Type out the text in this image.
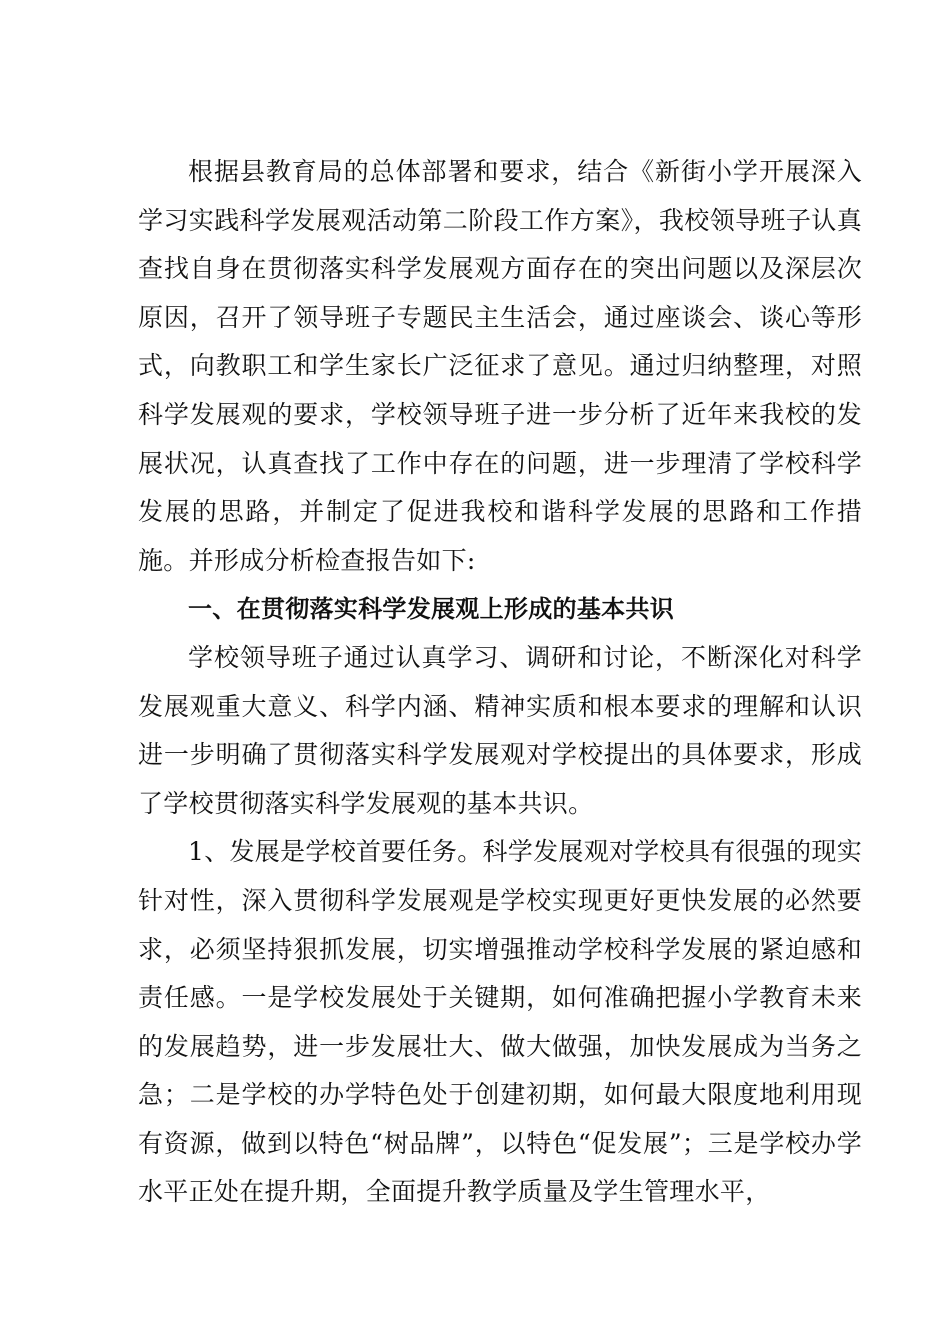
根据县教育局的总体部署和要求，结合《新街小学开展深入学习实践科学发展观活动第二阶段工作方案》，我校领导班子认真查找自身在贯彻落实科学发展观方面存在的突出问题以及深层次原因，召开了领导班子专题民主生活会，通过座谈会、谈心等形式，向教职工和学生家长广泛征求了意见。通过归纳整理，对照科学发展观的要求，学校领导班子进一步分析了近年来我校的发展状况，认真查找了工作中存在的问题，进一步理清了学校科学发展的思路，并制定了促进我校和谐科学发展的思路和工作措施。并形成分析检查报告如下:

一、在贯彻落实科学发展观上形成的基本共识

学校领导班子通过认真学习、调研和讨论，不断深化对科学发展观重大意义、科学内涵、精神实质和根本要求的理解和认识进一步明确了贯彻落实科学发展观对学校提出的具体要求，形成了学校贯彻落实科学发展观的基本共识。

1、发展是学校首要任务。科学发展观对学校具有很强的现实针对性，深入贯彻科学发展观是学校实现更好更快发展的必然要求，必须坚持狠抓发展，切实增强推动学校科学发展的紧迫感和责任感。一是学校发展处于关键期，如何准确把握小学教育未来的发展趋势，进一步发展壮大、做大做强，加快发展成为当务之急；二是学校的办学特色处于创建初期，如何最大限度地利用现有资源，做到以特色“树品牌”，以特色“促发展”；三是学校办学水平正处在提升期，全面提升教学质量及学生管理水平，
